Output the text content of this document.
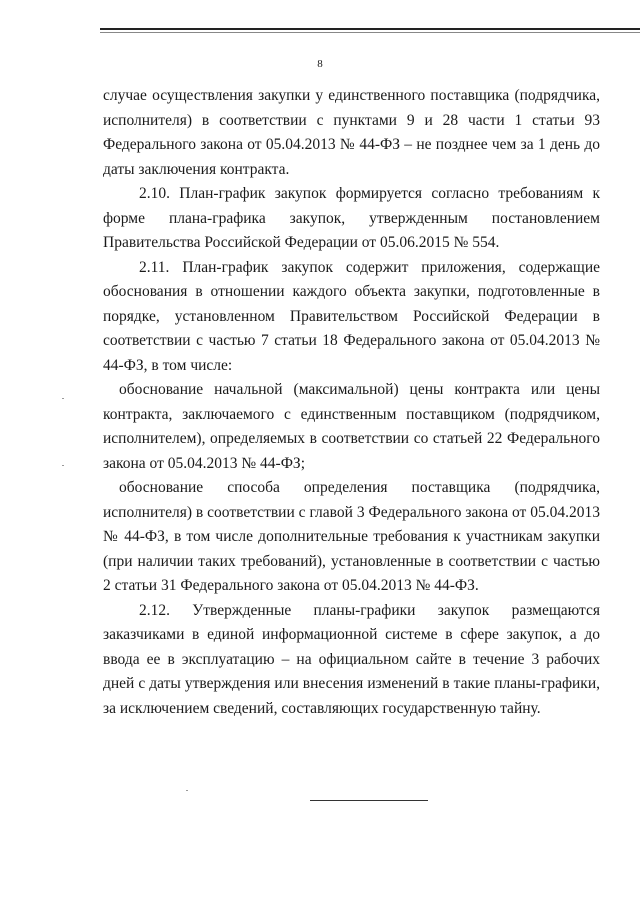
8

случае осуществления закупки у единственного поставщика (подрядчика, исполнителя) в соответствии с пунктами 9 и 28 части 1 статьи 93 Федерального закона от 05.04.2013 № 44-ФЗ – не позднее чем за 1 день до даты заключения контракта.

2.10. План-график закупок формируется согласно требованиям к форме плана-графика закупок, утвержденным постановлением Правительства Российской Федерации от 05.06.2015 № 554.

2.11. План-график закупок содержит приложения, содержащие обоснования в отношении каждого объекта закупки, подготовленные в порядке, установленном Правительством Российской Федерации в соответствии с частью 7 статьи 18 Федерального закона от 05.04.2013 № 44-ФЗ, в том числе:

обоснование начальной (максимальной) цены контракта или цены контракта, заключаемого с единственным поставщиком (подрядчиком, исполнителем), определяемых в соответствии со статьей 22 Федерального закона от 05.04.2013 № 44-ФЗ;

обоснование способа определения поставщика (подрядчика, исполнителя) в соответствии с главой 3 Федерального закона от 05.04.2013 № 44-ФЗ, в том числе дополнительные требования к участникам закупки (при наличии таких требований), установленные в соответствии с частью 2 статьи 31 Федерального закона от 05.04.2013 № 44-ФЗ.

2.12. Утвержденные планы-графики закупок размещаются заказчиками в единой информационной системе в сфере закупок, а до ввода ее в эксплуатацию – на официальном сайте в течение 3 рабочих дней с даты утверждения или внесения изменений в такие планы-графики, за исключением сведений, составляющих государственную тайну.
